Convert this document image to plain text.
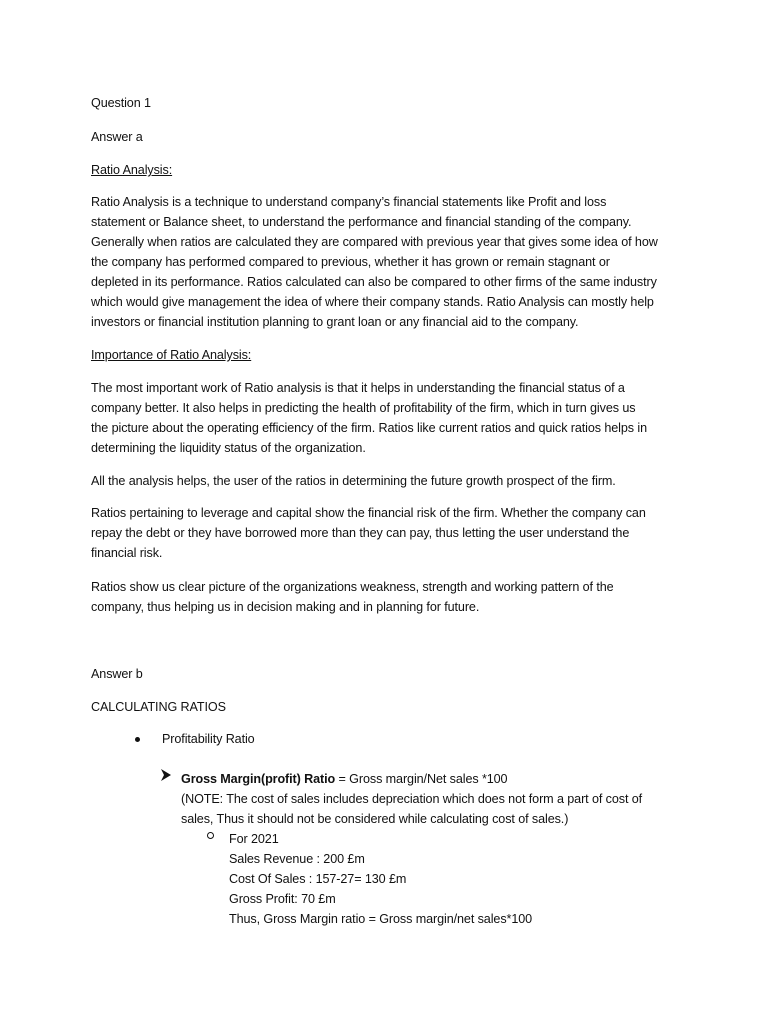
Question 1
Answer a
Ratio Analysis:
Ratio Analysis is a technique to understand company’s financial statements like Profit and loss
statement or Balance sheet, to understand the performance and financial standing of the company.
Generally when ratios are calculated they are compared with previous year that gives some idea of how
the company has performed compared to previous, whether it has grown or remain stagnant or
depleted in its performance. Ratios calculated can also be compared to other firms of the same industry
which would give management the idea of where their company stands. Ratio Analysis can mostly help
investors or financial institution planning to grant loan or any financial aid to the company.
Importance of Ratio Analysis:
The most important work of Ratio analysis is that it helps in understanding the financial status of a
company better. It also helps in predicting the health of profitability of the firm, which in turn gives us
the picture about the operating efficiency of the firm. Ratios like current ratios and quick ratios helps in
determining the liquidity status of the organization.
All the analysis helps, the user of the ratios in determining the future growth prospect of the firm.
Ratios pertaining to leverage and capital show the financial risk of the firm. Whether the company can
repay the debt or they have borrowed more than they can pay, thus letting the user understand the
financial risk.
Ratios show us clear picture of the organizations weakness, strength and working pattern of the
company, thus helping us in decision making and in planning for future.
Answer b
CALCULATING RATIOS
Profitability Ratio
Gross Margin(profit) Ratio = Gross margin/Net sales *100
(NOTE: The cost of sales includes depreciation which does not form a part of cost of
sales, Thus it should not be considered while calculating cost of sales.)
For 2021
Sales Revenue : 200 £m
Cost Of Sales : 157-27= 130 £m
Gross Profit: 70 £m
Thus, Gross Margin ratio = Gross margin/net sales*100
